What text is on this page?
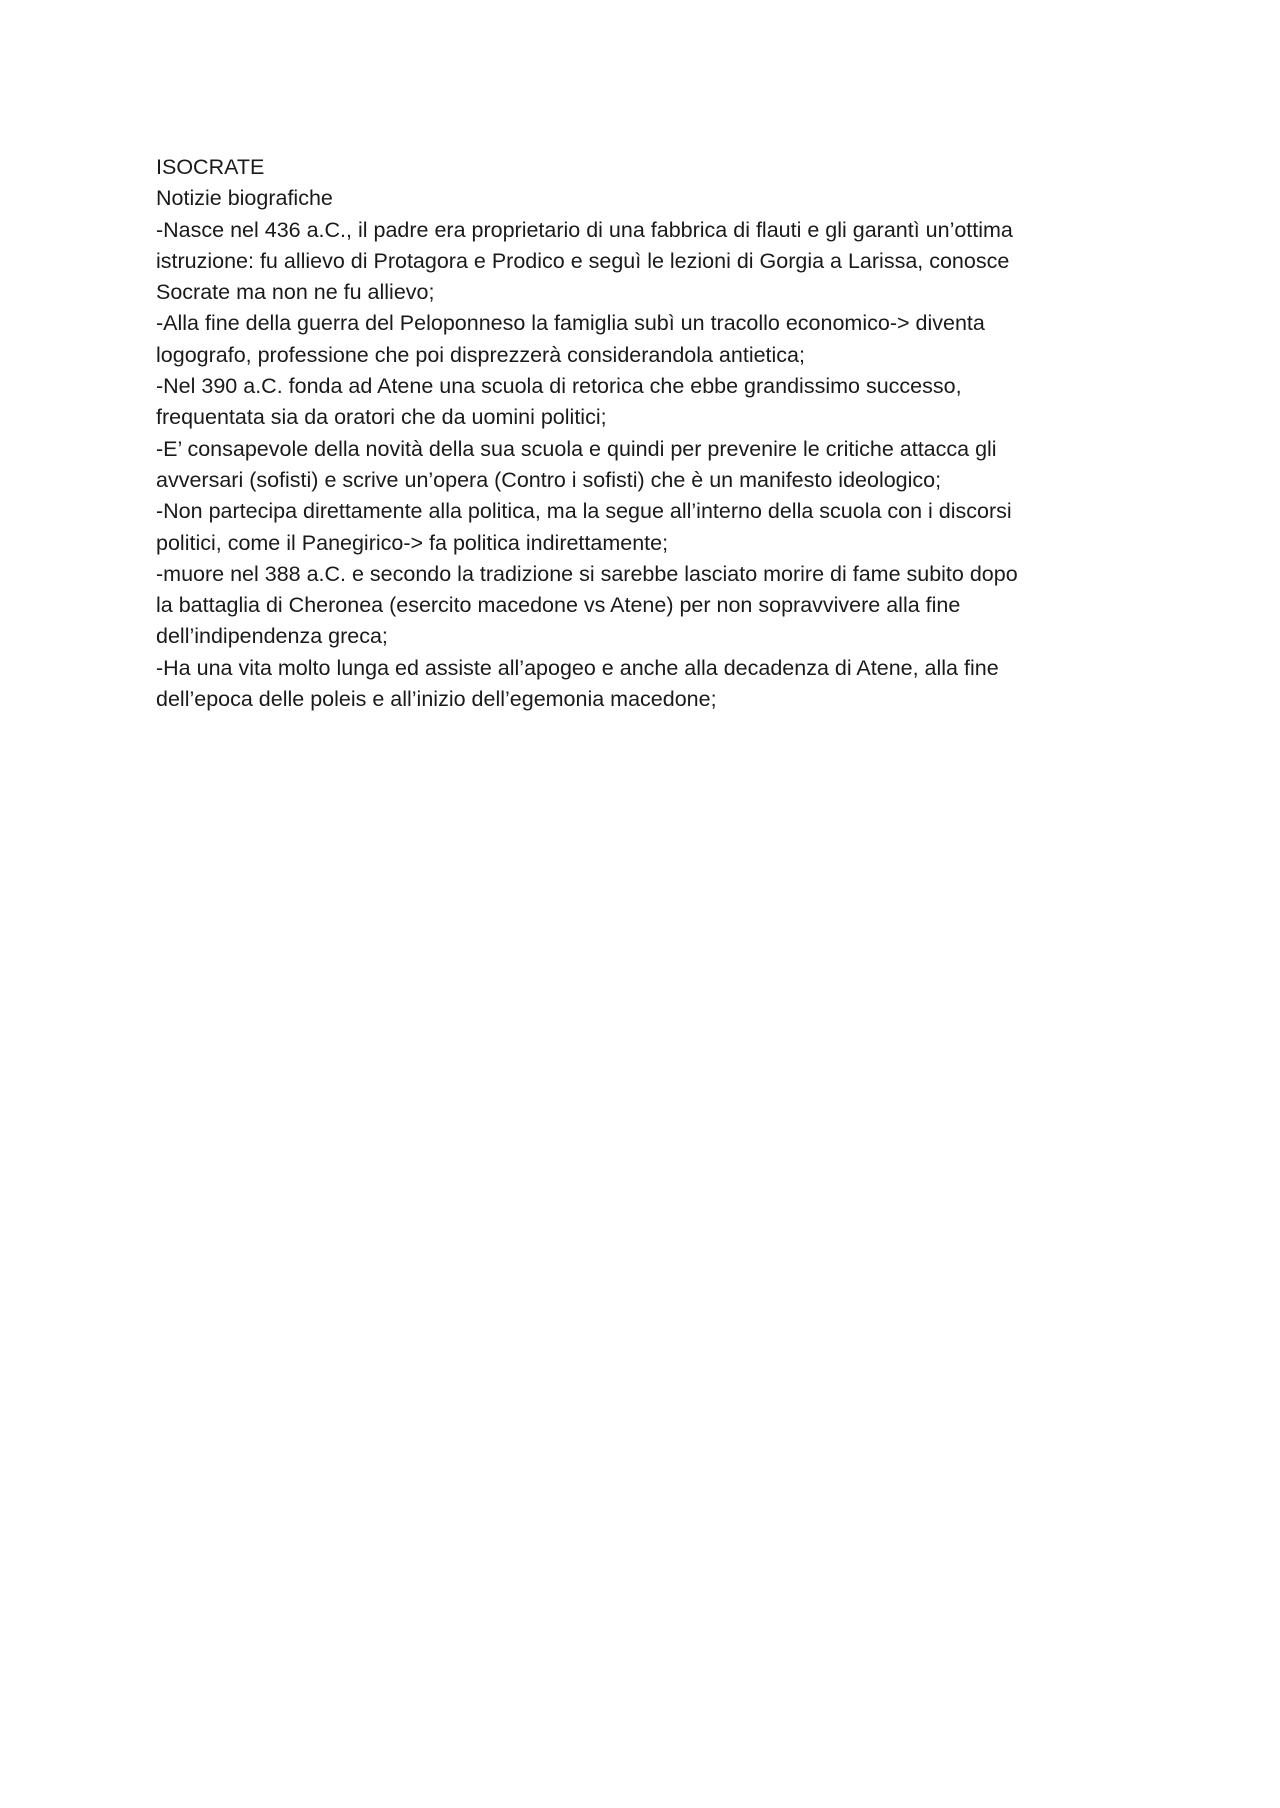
ISOCRATE
Notizie biografiche
-Nasce nel 436 a.C., il padre era proprietario di una fabbrica di flauti e gli garantì un’ottima
istruzione: fu allievo di Protagora e Prodico e seguì le lezioni di Gorgia a Larissa, conosce
Socrate ma non ne fu allievo;
-Alla fine della guerra del Peloponneso la famiglia subì un tracollo economico-> diventa
logografo, professione che poi disprezzerà considerandola antietica;
-Nel 390 a.C. fonda ad Atene una scuola di retorica che ebbe grandissimo successo,
frequentata sia da oratori che da uomini politici;
-E’ consapevole della novità della sua scuola e quindi per prevenire le critiche attacca gli
avversari (sofisti) e scrive un’opera (Contro i sofisti) che è un manifesto ideologico;
-Non partecipa direttamente alla politica, ma la segue all’interno della scuola con i discorsi
politici, come il Panegirico-> fa politica indirettamente;
-muore nel 388 a.C. e secondo la tradizione si sarebbe lasciato morire di fame subito dopo
la battaglia di Cheronea (esercito macedone vs Atene) per non sopravvivere alla fine
dell’indipendenza greca;
-Ha una vita molto lunga ed assiste all’apogeo e anche alla decadenza di Atene, alla fine
dell’epoca delle poleis e all’inizio dell’egemonia macedone;
